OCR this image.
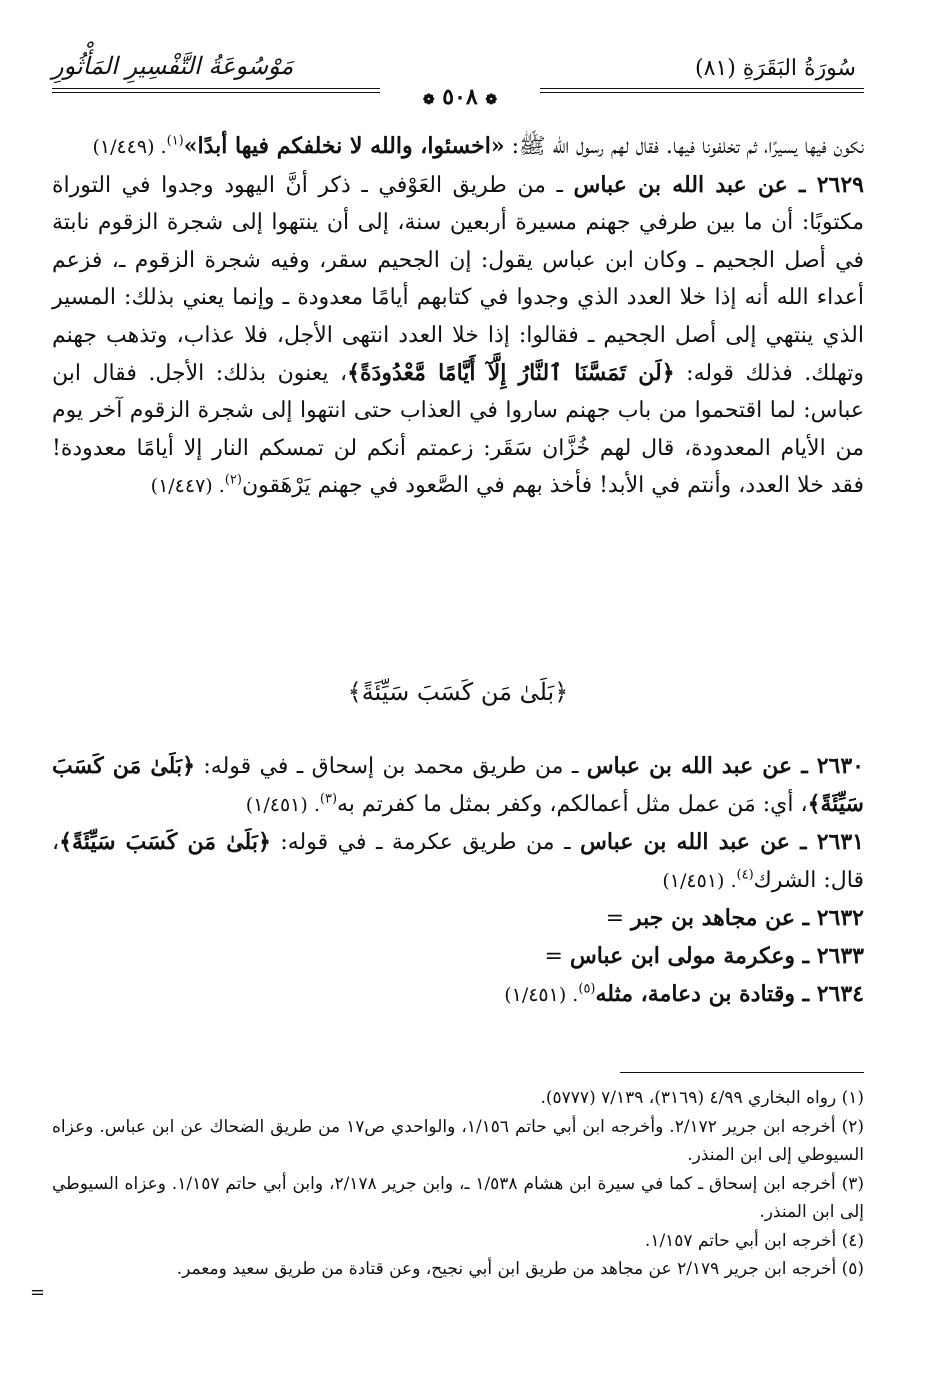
سُورَةُ البَقَرَةِ (٨١)
مَوْسُوعَةُ التَّفْسِيرِ المَأْثُورِ
❁ ٥٠٨ ❁

نكون فيها يسيرًا، ثم تخلفونا فيها. فقال لهم رسول الله ﷺ: «اخسئوا، والله لا نخلفكم فيها أبدًا»$^{(١)}$. (١/٤٤٩)

٢٦٢٩ ـ عن عبد الله بن عباس ـ من طريق العَوْفي ـ ذكر أنَّ اليهود وجدوا في التوراة مكتوبًا: أن ما بين طرفي جهنم مسيرة أربعين سنة، إلى أن ينتهوا إلى شجرة الزقوم نابتة في أصل الجحيم ـ وكان ابن عباس يقول: إن الجحيم سقر، وفيه شجرة الزقوم ـ، فزعم أعداء الله أنه إذا خلا العدد الذي وجدوا في كتابهم أيامًا معدودة ـ وإنما يعني بذلك: المسير الذي ينتهي إلى أصل الجحيم ـ فقالوا: إذا خلا العدد انتهى الأجل، فلا عذاب، وتذهب جهنم وتهلك. فذلك قوله: ﴿لَن تَمَسَّنَا ٱلنَّارُ إِلَّآ أَيَّامًا مَّعْدُودَةً﴾، يعنون بذلك: الأجل. فقال ابن عباس: لما اقتحموا من باب جهنم ساروا في العذاب حتى انتهوا إلى شجرة الزقوم آخر يوم من الأيام المعدودة، قال لهم خُزَّان سَقَر: زعمتم أنكم لن تمسكم النار إلا أيامًا معدودة! فقد خلا العدد، وأنتم في الأبد! فأخذ بهم في الصَّعود في جهنم يَرْهَقون$^{(٢)}$. (١/٤٤٧)

﴿بَلَىٰ مَن كَسَبَ سَيِّئَةً﴾

٢٦٣٠ ـ عن عبد الله بن عباس ـ من طريق محمد بن إسحاق ـ في قوله: ﴿بَلَىٰ مَن كَسَبَ سَيِّئَةً﴾، أي: مَن عمل مثل أعمالكم، وكفر بمثل ما كفرتم به$^{(٣)}$. (١/٤٥١)

٢٦٣١ ـ عن عبد الله بن عباس ـ من طريق عكرمة ـ في قوله: ﴿بَلَىٰ مَن كَسَبَ سَيِّئَةً﴾، قال: الشرك$^{(٤)}$. (١/٤٥١)

٢٦٣٢ ـ عن مجاهد بن جبر =

٢٦٣٣ ـ وعكرمة مولى ابن عباس =

٢٦٣٤ ـ وقتادة بن دعامة، مثله$^{(٥)}$. (١/٤٥١)

(١) رواه البخاري ٤/٩٩ (٣١٦٩)، ٧/١٣٩ (٥٧٧٧).

(٢) أخرجه ابن جرير ٢/١٧٢. وأخرجه ابن أبي حاتم ١/١٥٦، والواحدي ص١٧ من طريق الضحاك عن ابن عباس. وعزاه السيوطي إلى ابن المنذر.

(٣) أخرجه ابن إسحاق ـ كما في سيرة ابن هشام ١/٥٣٨ ـ، وابن جرير ٢/١٧٨، وابن أبي حاتم ١/١٥٧. وعزاه السيوطي إلى ابن المنذر.

(٤) أخرجه ابن أبي حاتم ١/١٥٧.

(٥) أخرجه ابن جرير ٢/١٧٩ عن مجاهد من طريق ابن أبي نجيح، وعن قتادة من طريق سعيد ومعمر.

=
